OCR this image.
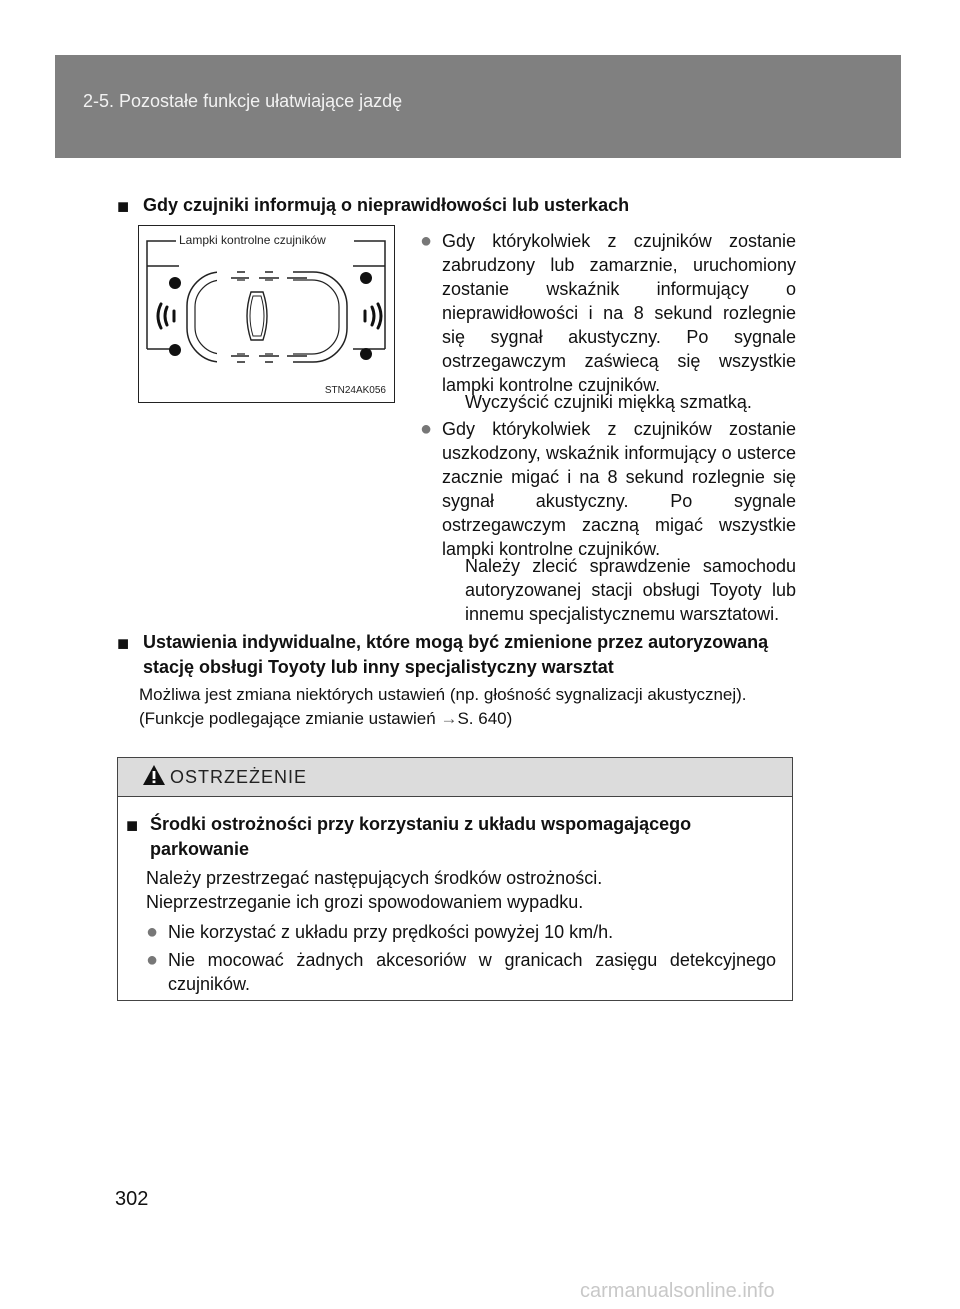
2-5. Pozostałe funkcje ułatwiające jazdę
■ Gdy czujniki informują o nieprawidłowości lub usterkach
Lampki kontrolne czujników
STN24AK056
● Gdy którykolwiek z czujników zostanie zabrudzony lub zamarznie, uruchomiony zostanie wskaźnik informujący o nieprawidłowości i na 8 sekund rozlegnie się sygnał akustyczny. Po sygnale ostrzegawczym zaświecą się wszystkie lampki kontrolne czujników.
Wyczyścić czujniki miękką szmatką.
● Gdy którykolwiek z czujników zostanie uszkodzony, wskaźnik informujący o usterce zacznie migać i na 8 sekund rozlegnie się sygnał akustyczny. Po sygnale ostrzegawczym zaczną migać wszystkie lampki kontrolne czujników.
Należy zlecić sprawdzenie samochodu autoryzowanej stacji obsługi Toyoty lub innemu specjalistycznemu warsztatowi.
■ Ustawienia indywidualne, które mogą być zmienione przez autoryzowaną stację obsługi Toyoty lub inny specjalistyczny warsztat
Możliwa jest zmiana niektórych ustawień (np. głośność sygnalizacji akustycznej).
(Funkcje podlegające zmianie ustawień →S. 640)
OSTRZEŻENIE
■ Środki ostrożności przy korzystaniu z układu wspomagającego parkowanie
Należy przestrzegać następujących środków ostrożności.
Nieprzestrzeganie ich grozi spowodowaniem wypadku.
● Nie korzystać z układu przy prędkości powyżej 10 km/h.
● Nie mocować żadnych akcesoriów w granicach zasięgu detekcyjnego czujników.
302
carmanualsonline.info
